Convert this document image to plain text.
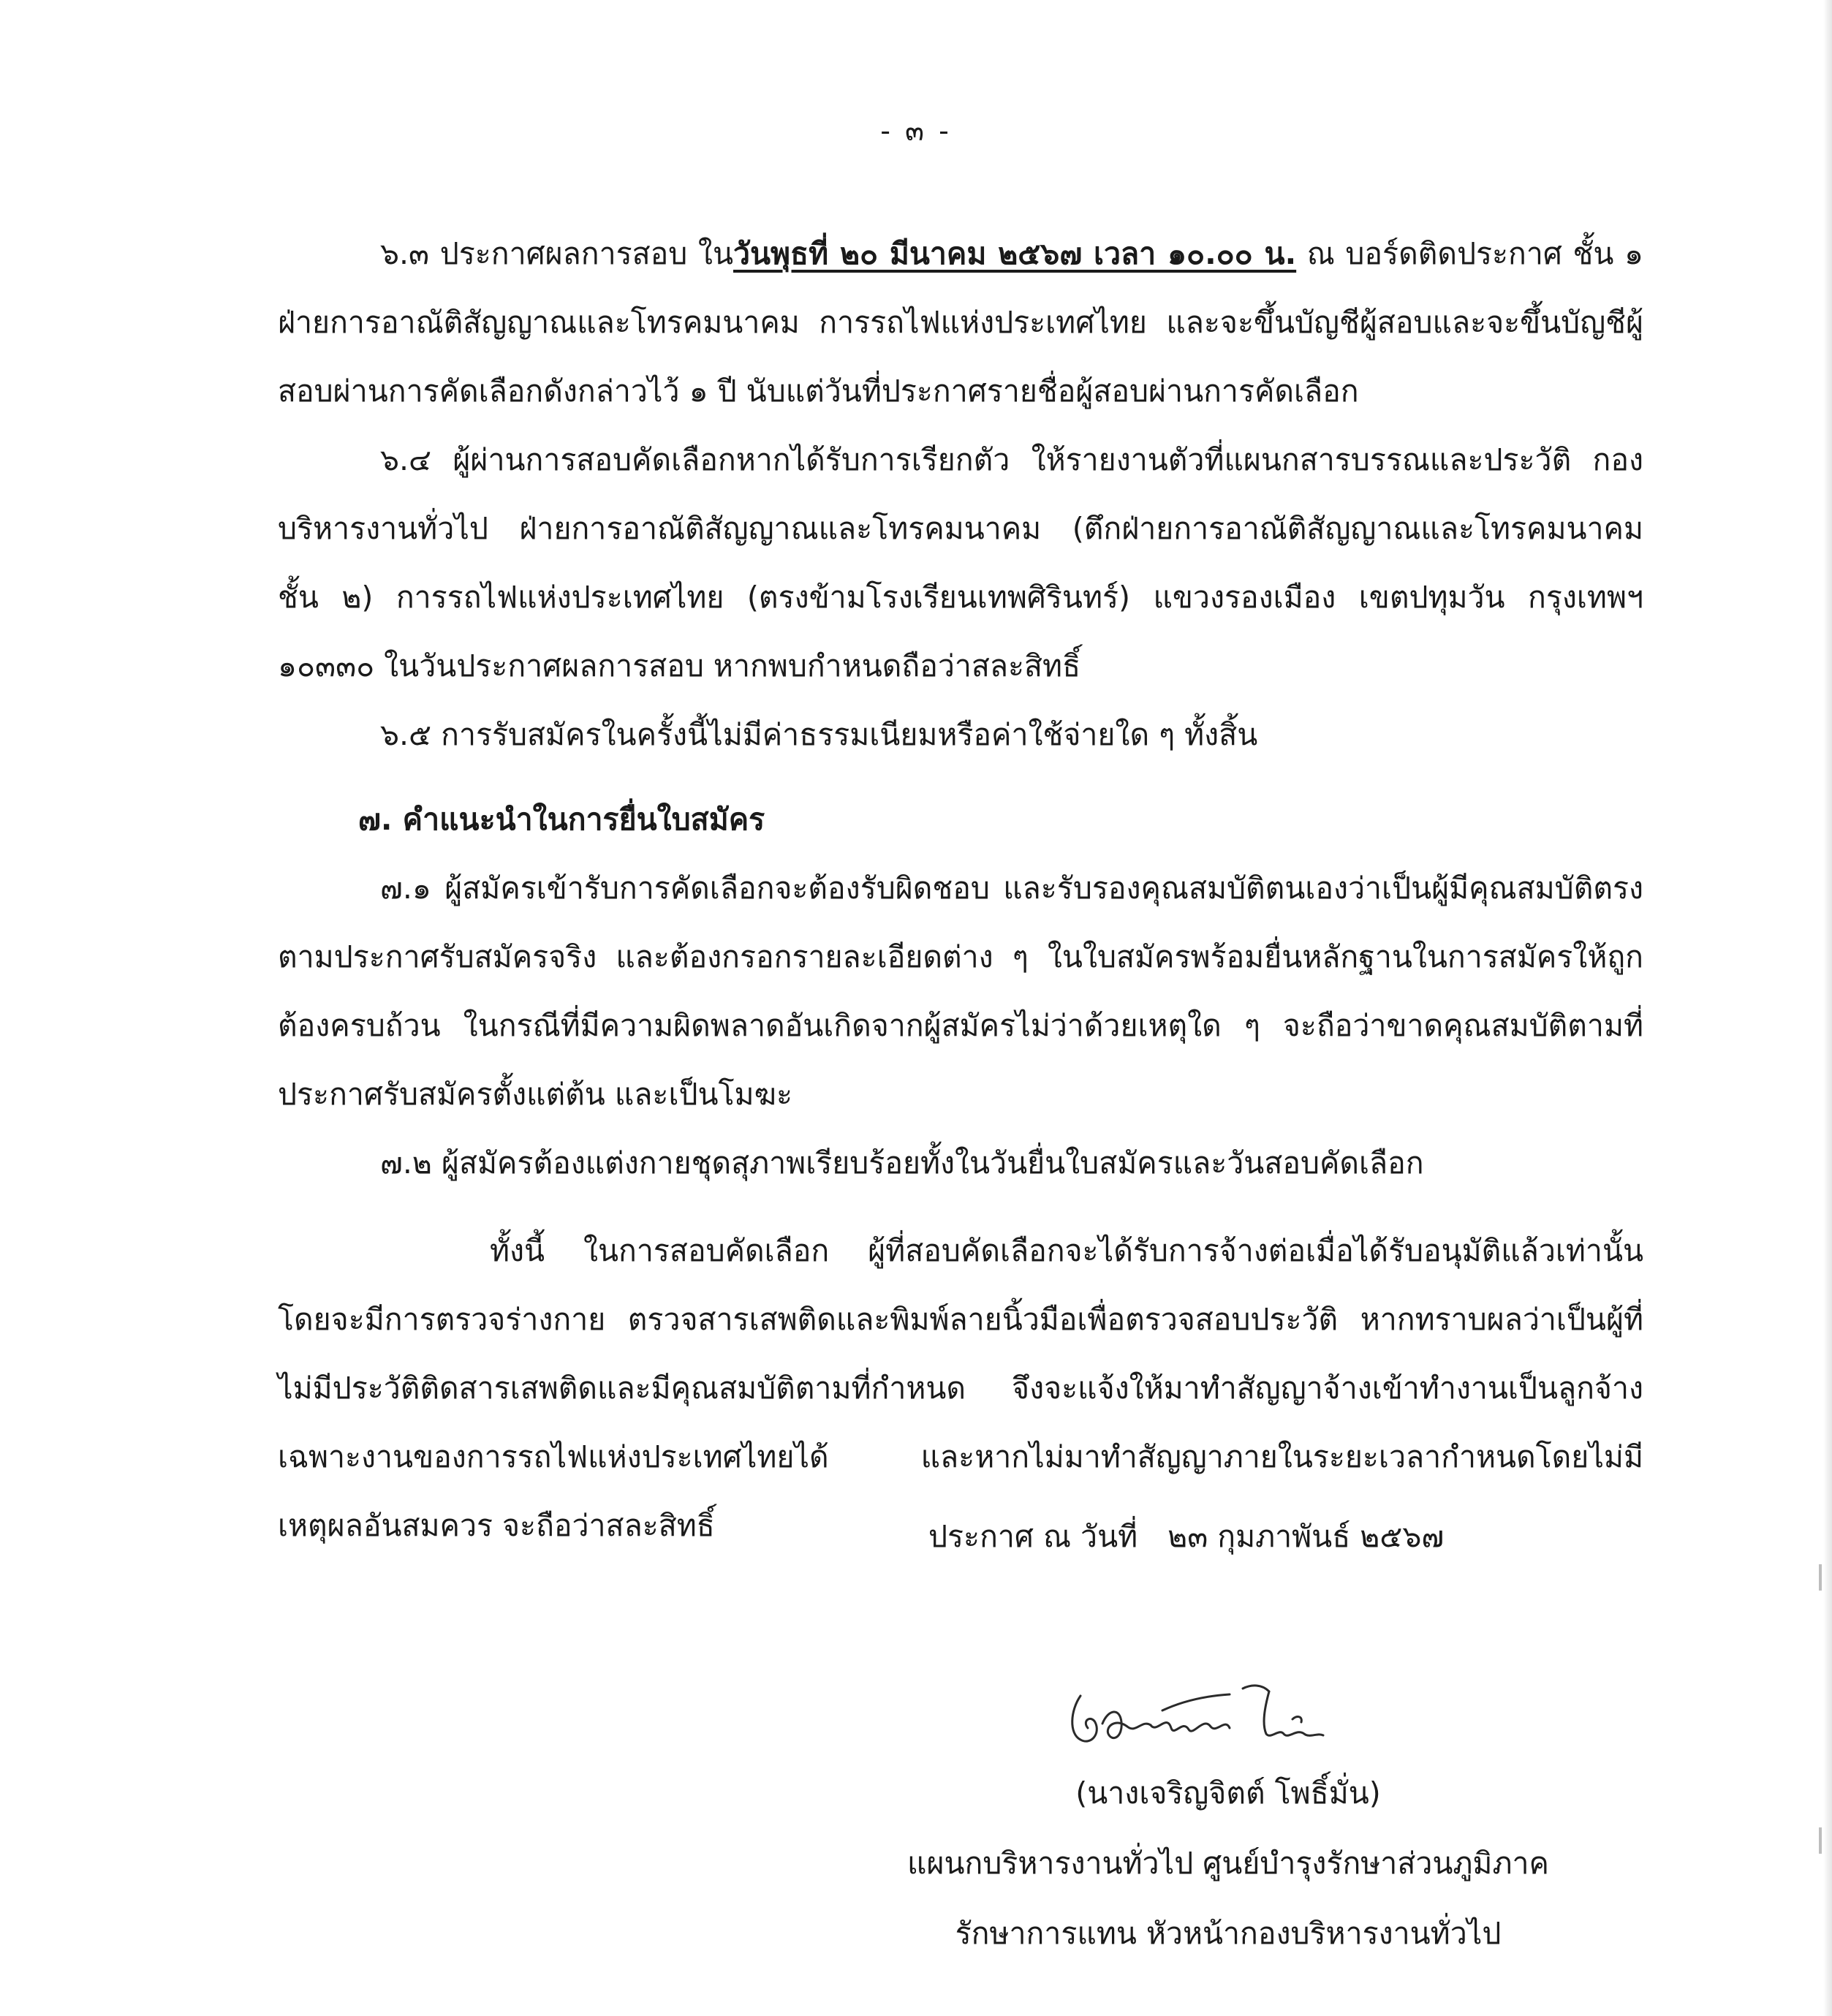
- ๓ -

๖.๓ ประกาศผลการสอบ ในวันพุธที่ ๒๐ มีนาคม ๒๕๖๗ เวลา ๑๐.๐๐ น. ณ บอร์ดติดประกาศ ชั้น ๑ ฝ่ายการอาณัติสัญญาณและโทรคมนาคม การรถไฟแห่งประเทศไทย และจะขึ้นบัญชีผู้สอบและจะขึ้นบัญชีผู้สอบผ่านการคัดเลือกดังกล่าวไว้ ๑ ปี นับแต่วันที่ประกาศรายชื่อผู้สอบผ่านการคัดเลือก

๖.๔ ผู้ผ่านการสอบคัดเลือกหากได้รับการเรียกตัว ให้รายงานตัวที่แผนกสารบรรณและประวัติ กองบริหารงานทั่วไป ฝ่ายการอาณัติสัญญาณและโทรคมนาคม (ตึกฝ่ายการอาณัติสัญญาณและโทรคมนาคม ชั้น ๒) การรถไฟแห่งประเทศไทย (ตรงข้ามโรงเรียนเทพศิรินทร์) แขวงรองเมือง เขตปทุมวัน กรุงเทพฯ ๑๐๓๓๐ ในวันประกาศผลการสอบ หากพบกำหนดถือว่าสละสิทธิ์

๖.๕ การรับสมัครในครั้งนี้ไม่มีค่าธรรมเนียมหรือค่าใช้จ่ายใด ๆ ทั้งสิ้น

๗. คำแนะนำในการยื่นใบสมัคร

๗.๑ ผู้สมัครเข้ารับการคัดเลือกจะต้องรับผิดชอบ และรับรองคุณสมบัติตนเองว่าเป็นผู้มีคุณสมบัติตรงตามประกาศรับสมัครจริง และต้องกรอกรายละเอียดต่าง ๆ ในใบสมัครพร้อมยื่นหลักฐานในการสมัครให้ถูกต้องครบถ้วน ในกรณีที่มีความผิดพลาดอันเกิดจากผู้สมัครไม่ว่าด้วยเหตุใด ๆ จะถือว่าขาดคุณสมบัติตามที่ประกาศรับสมัครตั้งแต่ต้น และเป็นโมฆะ

๗.๒ ผู้สมัครต้องแต่งกายชุดสุภาพเรียบร้อยทั้งในวันยื่นใบสมัครและวันสอบคัดเลือก

ทั้งนี้ ในการสอบคัดเลือก ผู้ที่สอบคัดเลือกจะได้รับการจ้างต่อเมื่อได้รับอนุมัติแล้วเท่านั้น โดยจะมีการตรวจร่างกาย ตรวจสารเสพติดและพิมพ์ลายนิ้วมือเพื่อตรวจสอบประวัติ หากทราบผลว่าเป็นผู้ที่ไม่มีประวัติติดสารเสพติดและมีคุณสมบัติตามที่กำหนด จึงจะแจ้งให้มาทำสัญญาจ้างเข้าทำงานเป็นลูกจ้างเฉพาะงานของการรถไฟแห่งประเทศไทยได้ และหากไม่มาทำสัญญาภายในระยะเวลากำหนดโดยไม่มีเหตุผลอันสมควร จะถือว่าสละสิทธิ์	ประกาศ ณ วันที่ ๒๓ กุมภาพันธ์ ๒๕๖๗
(นางเจริญจิตต์ โพธิ์มั่น)
แผนกบริหารงานทั่วไป ศูนย์บำรุงรักษาส่วนภูมิภาค
รักษาการแทน หัวหน้ากองบริหารงานทั่วไป
